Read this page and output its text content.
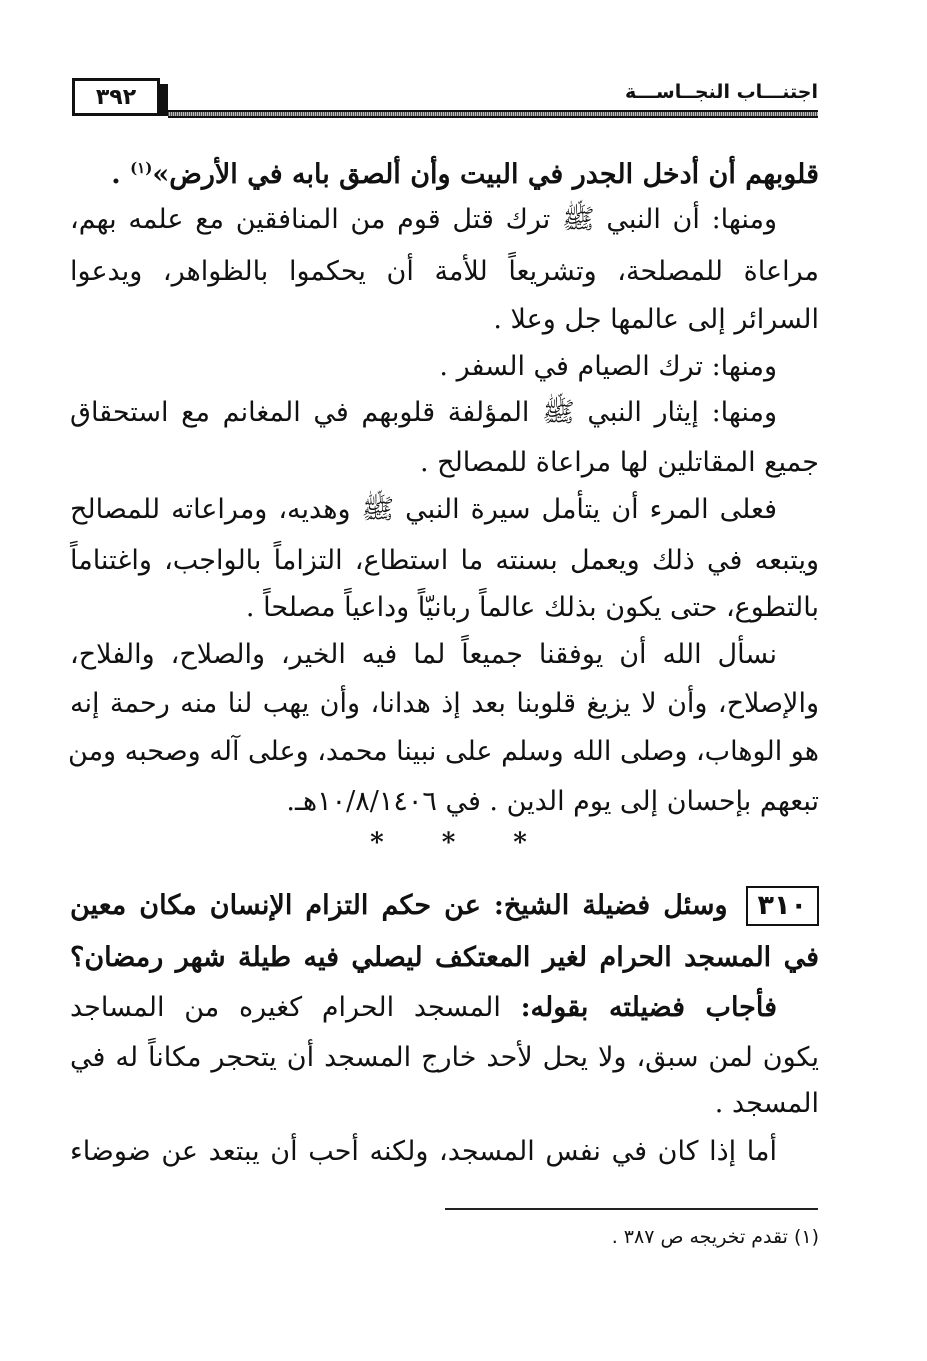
٣٩٢	اجتنـــاب النجــاســـة
قلوبهم أن أدخل الجدر في البيت وأن ألصق بابه في الأرض»$^{(١)}$ .
ومنها: أن النبي ﷺ ترك قتل قوم من المنافقين مع علمه بهم،
مراعاة للمصلحة، وتشريعاً للأمة أن يحكموا بالظواهر، ويدعوا
السرائر إلى عالمها جل وعلا .
ومنها: ترك الصيام في السفر .
ومنها: إيثار النبي ﷺ المؤلفة قلوبهم في المغانم مع استحقاق
جميع المقاتلين لها مراعاة للمصالح .
فعلى المرء أن يتأمل سيرة النبي ﷺ وهديه، ومراعاته للمصالح
ويتبعه في ذلك ويعمل بسنته ما استطاع، التزاماً بالواجب، واغتناماً
بالتطوع، حتى يكون بذلك عالماً ربانيّاً وداعياً مصلحاً .
نسأل الله أن يوفقنا جميعاً لما فيه الخير، والصلاح، والفلاح،
والإصلاح، وأن لا يزيغ قلوبنا بعد إذ هدانا، وأن يهب لنا منه رحمة إنه
هو الوهاب، وصلى الله وسلم على نبينا محمد، وعلى آله وصحبه ومن
تبعهم بإحسان إلى يوم الدين . في ١٠/٨/١٤٠٦هـ.
* * *
٣١٠وسئل فضيلة الشيخ: عن حكم التزام الإنسان مكان معين
في المسجد الحرام لغير المعتكف ليصلي فيه طيلة شهر رمضان؟
فأجاب فضيلته بقوله: المسجد الحرام كغيره من المساجد
يكون لمن سبق، ولا يحل لأحد خارج المسجد أن يتحجر مكاناً له في
المسجد .
أما إذا كان في نفس المسجد، ولكنه أحب أن يبتعد عن ضوضاء
(١) تقدم تخريجه ص ٣٨٧ .
